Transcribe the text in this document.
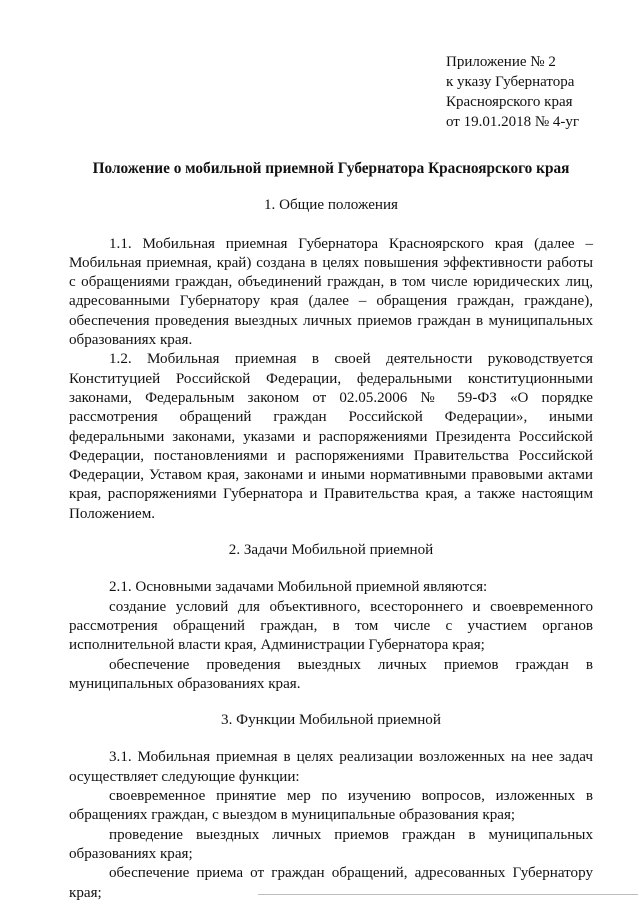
Приложение № 2
к указу Губернатора
Красноярского края
от 19.01.2018 № 4-уг
Положение о мобильной приемной Губернатора Красноярского края
1. Общие положения

1.1. Мобильная приемная Губернатора Красноярского края (далее – Мобильная приемная, край) создана в целях повышения эффективности работы с обращениями граждан, объединений граждан, в том числе юридических лиц, адресованными Губернатору края (далее – обращения граждан, граждане), обеспечения проведения выездных личных приемов граждан в муниципальных образованиях края.

1.2. Мобильная приемная в своей деятельности руководствуется Конституцией Российской Федерации, федеральными конституционными законами, Федеральным законом от 02.05.2006 № 59-ФЗ «О порядке рассмотрения обращений граждан Российской Федерации», иными федеральными законами, указами и распоряжениями Президента Российской Федерации, постановлениями и распоряжениями Правительства Российской Федерации, Уставом края, законами и иными нормативными правовыми актами края, распоряжениями Губернатора и Правительства края, а также настоящим Положением.

2. Задачи Мобильной приемной

2.1. Основными задачами Мобильной приемной являются:

создание условий для объективного, всестороннего и своевременного рассмотрения обращений граждан, в том числе с участием органов исполнительной власти края, Администрации Губернатора края;

обеспечение проведения выездных личных приемов граждан в муниципальных образованиях края.

3. Функции Мобильной приемной

3.1. Мобильная приемная в целях реализации возложенных на нее задач осуществляет следующие функции:

своевременное принятие мер по изучению вопросов, изложенных в обращениях граждан, с выездом в муниципальные образования края;

проведение выездных личных приемов граждан в муниципальных образованиях края;

обеспечение приема от граждан обращений, адресованных Губернатору края;
